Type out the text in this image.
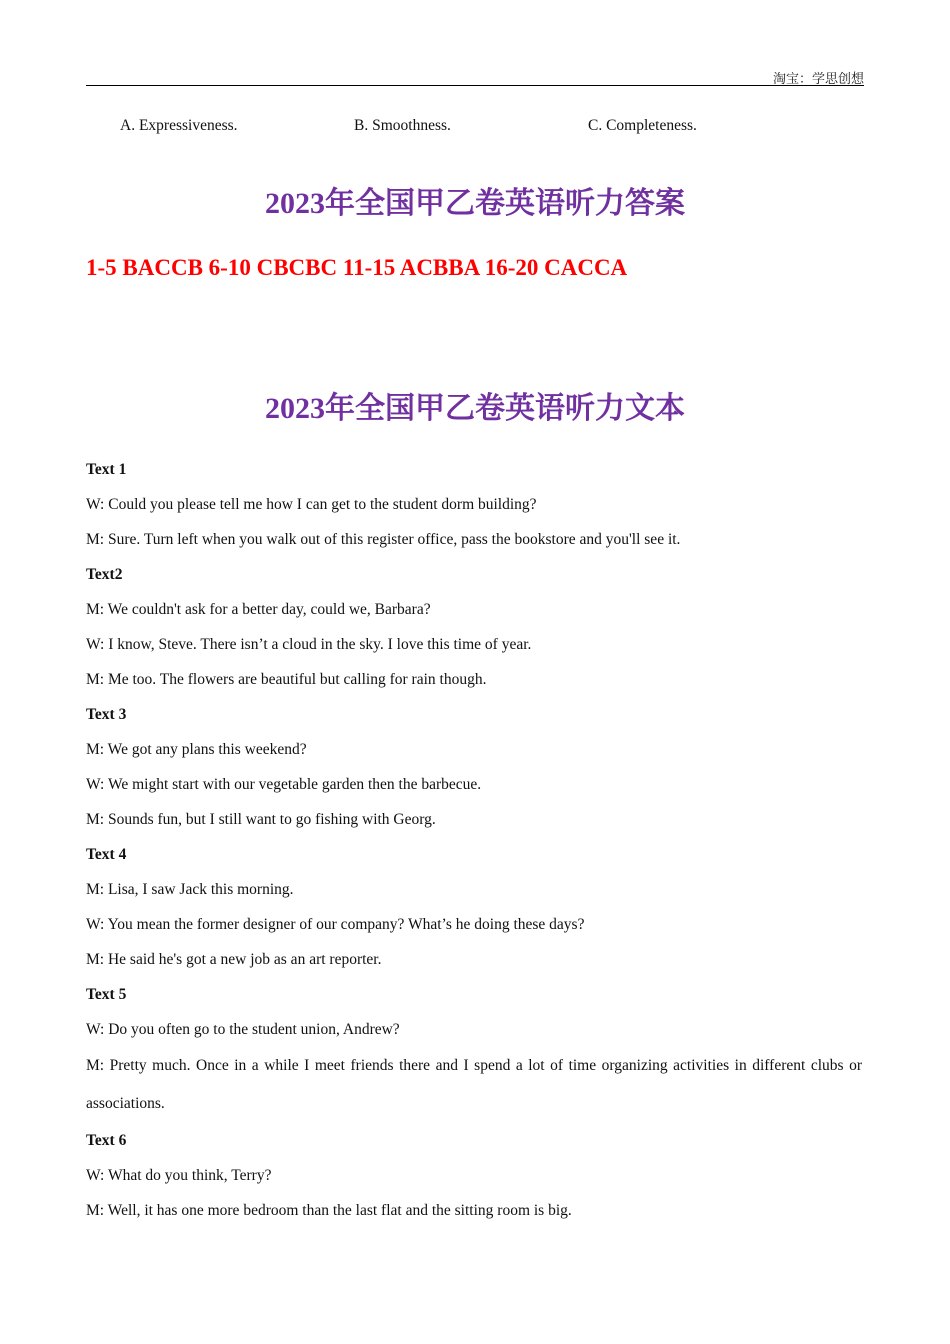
淘宝：学思创想
A. Expressiveness.	B. Smoothness.	C. Completeness.
2023年全国甲乙卷英语听力答案
1-5 BACCB 6-10 CBCBC 11-15 ACBBA 16-20 CACCA
2023年全国甲乙卷英语听力文本

Text 1

W: Could you please tell me how I can get to the student dorm building?

M: Sure. Turn left when you walk out of this register office, pass the bookstore and you'll see it.

Text2

M: We couldn't ask for a better day, could we, Barbara?

W: I know, Steve. There isn’t a cloud in the sky. I love this time of year.

M: Me too. The flowers are beautiful but calling for rain though.

Text 3

M: We got any plans this weekend?

W: We might start with our vegetable garden then the barbecue.

M: Sounds fun, but I still want to go fishing with Georg.

Text 4

M: Lisa, I saw Jack this morning.

W: You mean the former designer of our company? What’s he doing these days?

M: He said he's got a new job as an art reporter.

Text 5

W: Do you often go to the student union, Andrew?

M: Pretty much. Once in a while I meet friends there and I spend a lot of time organizing activities in different clubs or associations.

Text 6

W: What do you think, Terry?

M: Well, it has one more bedroom than the last flat and the sitting room is big.
